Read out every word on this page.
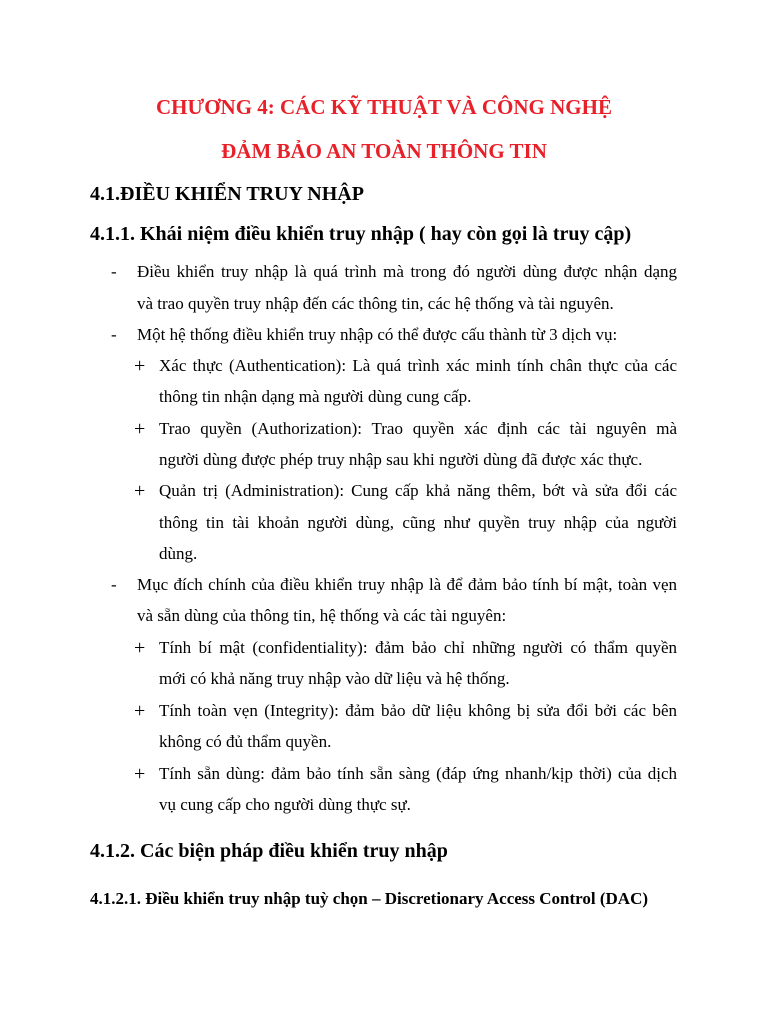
CHƯƠNG 4: CÁC KỸ THUẬT VÀ CÔNG NGHỆ
ĐẢM BẢO AN TOÀN THÔNG TIN
4.1.ĐIỀU KHIỂN TRUY NHẬP
4.1.1. Khái niệm điều khiển truy nhập ( hay còn gọi là truy cập)
- Điều khiển truy nhập là quá trình mà trong đó người dùng được nhận dạng
và trao quyền truy nhập đến các thông tin, các hệ thống và tài nguyên.
- Một hệ thống điều khiển truy nhập có thể được cấu thành từ 3 dịch vụ:
+ Xác thực (Authentication): Là quá trình xác minh tính chân thực của các
thông tin nhận dạng mà người dùng cung cấp.
+ Trao quyền (Authorization): Trao quyền xác định các tài nguyên mà
người dùng được phép truy nhập sau khi người dùng đã được xác thực.
+ Quản trị (Administration): Cung cấp khả năng thêm, bớt và sửa đổi các
thông tin tài khoản người dùng, cũng như quyền truy nhập của người
dùng.
- Mục đích chính của điều khiển truy nhập là để đảm bảo tính bí mật, toàn vẹn
và sẵn dùng của thông tin, hệ thống và các tài nguyên:
+ Tính bí mật (confidentiality): đảm bảo chỉ những người có thẩm quyền
mới có khả năng truy nhập vào dữ liệu và hệ thống.
+ Tính toàn vẹn (Integrity): đảm bảo dữ liệu không bị sửa đổi bởi các bên
không có đủ thẩm quyền.
+ Tính sẵn dùng: đảm bảo tính sẵn sàng (đáp ứng nhanh/kịp thời) của dịch
vụ cung cấp cho người dùng thực sự.
4.1.2. Các biện pháp điều khiển truy nhập
4.1.2.1. Điều khiển truy nhập tuỳ chọn – Discretionary Access Control (DAC)
